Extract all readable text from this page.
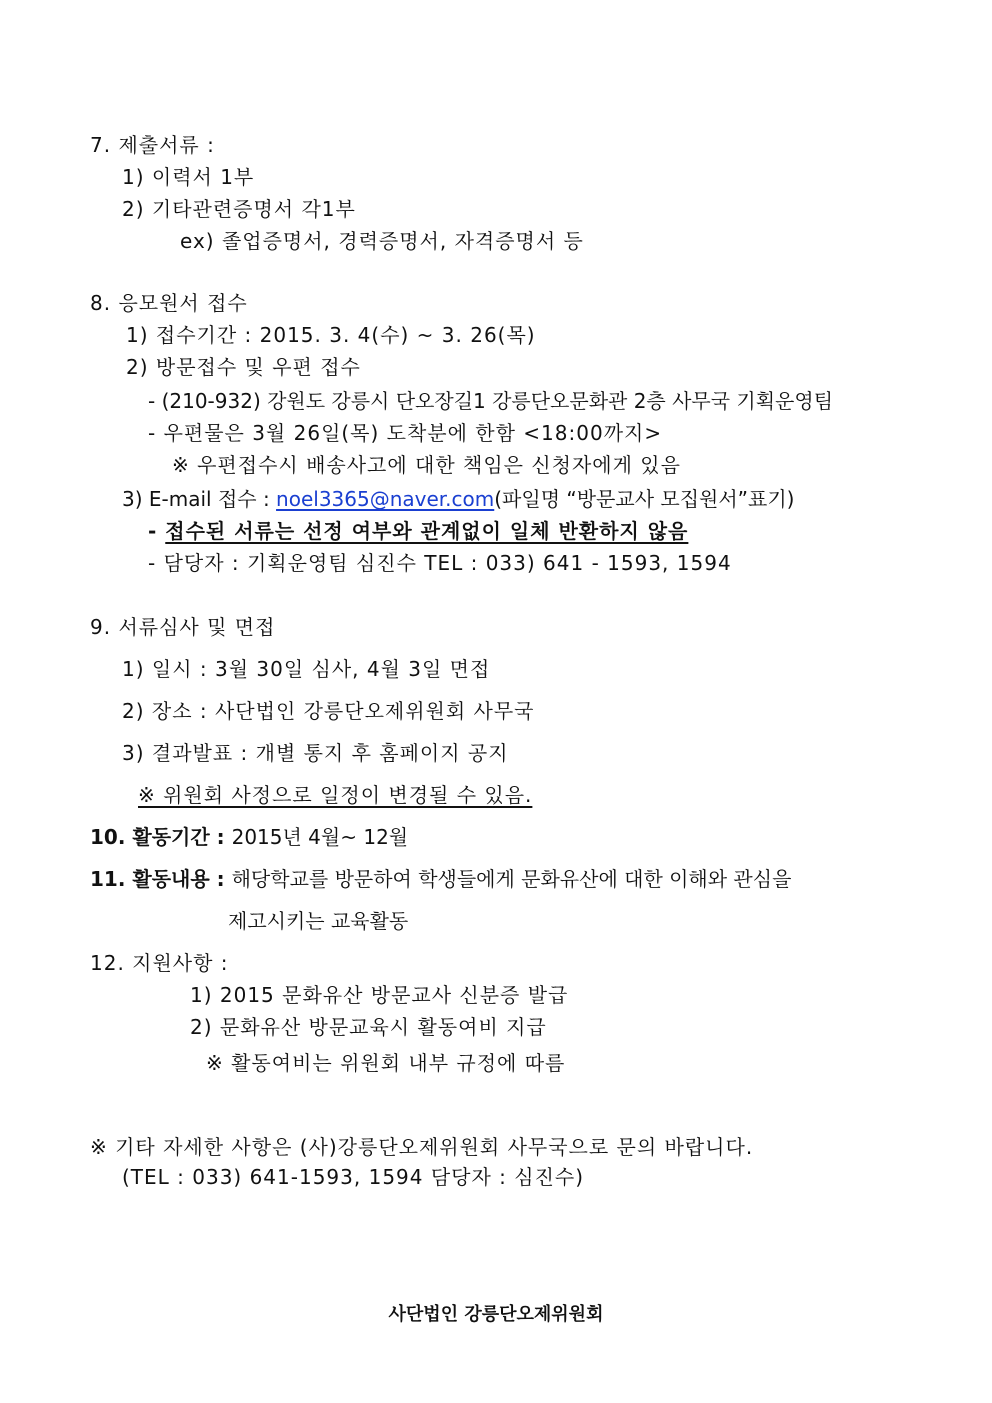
7. 제출서류 :
1) 이력서 1부
2) 기타관련증명서 각1부
ex) 졸업증명서, 경력증명서, 자격증명서 등
8. 응모원서 접수
1) 접수기간 : 2015. 3. 4(수) ~ 3. 26(목)
2) 방문접수 및 우편 접수
- (210-932) 강원도 강릉시 단오장길1 강릉단오문화관 2층 사무국 기획운영팀
- 우편물은 3월 26일(목) 도착분에 한함 <18:00까지>
※ 우편접수시 배송사고에 대한 책임은 신청자에게 있음
3) E-mail 접수 : noel3365@naver.com(파일명 “방문교사 모집원서”표기)
- 접수된 서류는 선정 여부와 관계없이 일체 반환하지 않음
- 담당자 : 기획운영팀 심진수 TEL : 033) 641 - 1593, 1594
9. 서류심사 및 면접
1) 일시 : 3월 30일 심사, 4월 3일 면접
2) 장소 : 사단법인 강릉단오제위원회 사무국
3) 결과발표 : 개별 통지 후 홈페이지 공지
※ 위원회 사정으로 일정이 변경될 수 있음.
10. 활동기간 : 2015년 4월~ 12월
11. 활동내용 : 해당학교를 방문하여 학생들에게 문화유산에 대한 이해와 관심을
제고시키는 교육활동
12. 지원사항 :
1) 2015 문화유산 방문교사 신분증 발급
2) 문화유산 방문교육시 활동여비 지급
※ 활동여비는 위원회 내부 규정에 따름
※ 기타 자세한 사항은 (사)강릉단오제위원회 사무국으로 문의 바랍니다.
(TEL : 033) 641-1593, 1594 담당자 : 심진수)
사단법인 강릉단오제위원회
